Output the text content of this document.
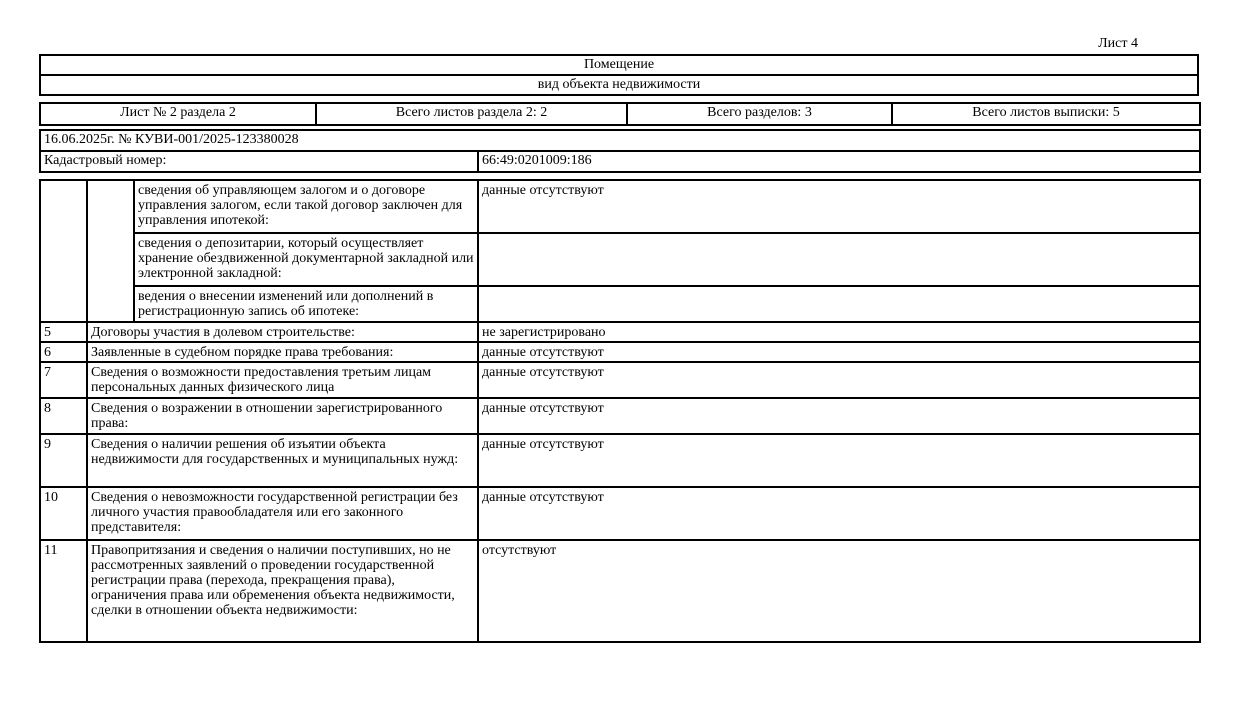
Лист 4
Помещение
вид объекта недвижимости
Лист № 2 раздела 2	Всего листов раздела 2: 2	Всего разделов: 3	Всего листов выписки: 5
16.06.2025г. № КУВИ-001/2025-123380028
Кадастровый номер:	66:49:0201009:186
		сведения об управляющем залогом и о договоре управления залогом, если такой договор заключен для управления ипотекой:	данные отсутствуют
		сведения о депозитарии, который осуществляет хранение обездвиженной документарной закладной или электронной закладной:	
		ведения о внесении изменений или дополнений в регистрационную запись об ипотеке:	
5	Договоры участия в долевом строительстве:		не зарегистрировано
6	Заявленные в судебном порядке права требования:		данные отсутствуют
7	Сведения о возможности предоставления третьим лицам персональных данных физического лица		данные отсутствуют
8	Сведения о возражении в отношении зарегистрированного права:		данные отсутствуют
9	Сведения о наличии решения об изъятии объекта недвижимости для государственных и муниципальных нужд:		данные отсутствуют
10	Сведения о невозможности государственной регистрации без личного участия правообладателя или его законного представителя:		данные отсутствуют
11	Правопритязания и сведения о наличии поступивших, но не рассмотренных заявлений о проведении государственной регистрации права (перехода, прекращения права), ограничения права или обременения объекта недвижимости, сделки в отношении объекта недвижимости:		отсутствуют
